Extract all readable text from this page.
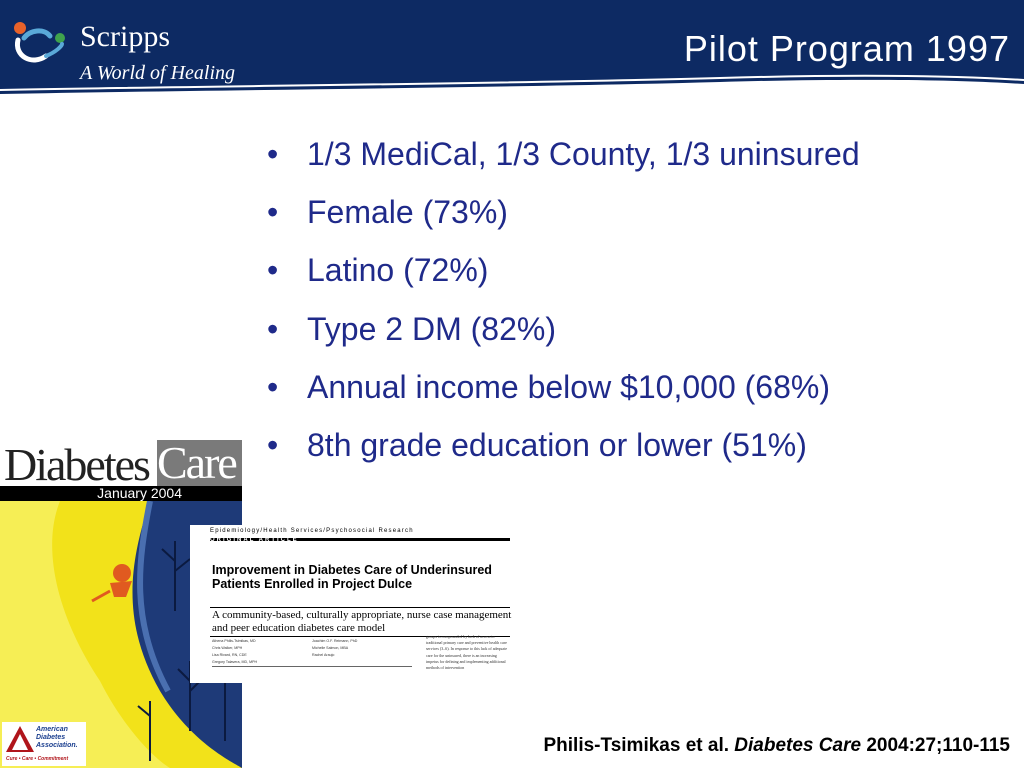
Scripps
A World of Healing
Pilot Program 1997
• 1/3 MediCal, 1/3 County, 1/3 uninsured
• Female (73%)
• Latino (72%)
• Type 2 DM (82%)
• Annual income below $10,000 (68%)
• 8th grade education or lower (51%)
Diabetes Care
January 2004
American Diabetes Association.
Cure • Care • Commitment
Epidemiology/Health Services/Psychosocial Research
ORIGINAL ARTICLE
Improvement in Diabetes Care of Underinsured Patients Enrolled in Project Dulce
A community-based, culturally appropriate, nurse case management and peer education diabetes care model
Athena Philis-Tsimikas, MD
Chris Walker, MPH
Lisa Rivard, RN, CDE
Gregory Talavera, MD, MPH
Joachim O.F. Reimann, PhD
Michelle Salmon, MBA
Rachel Araujo
groups is compounded by lack of access to traditional primary care and preventive health care services (3–6). In response to this lack of adequate care for the uninsured, there is an increasing impetus for defining and implementing additional methods of intervention

Philis-Tsimikas et al. Diabetes Care 2004:27;110-115
